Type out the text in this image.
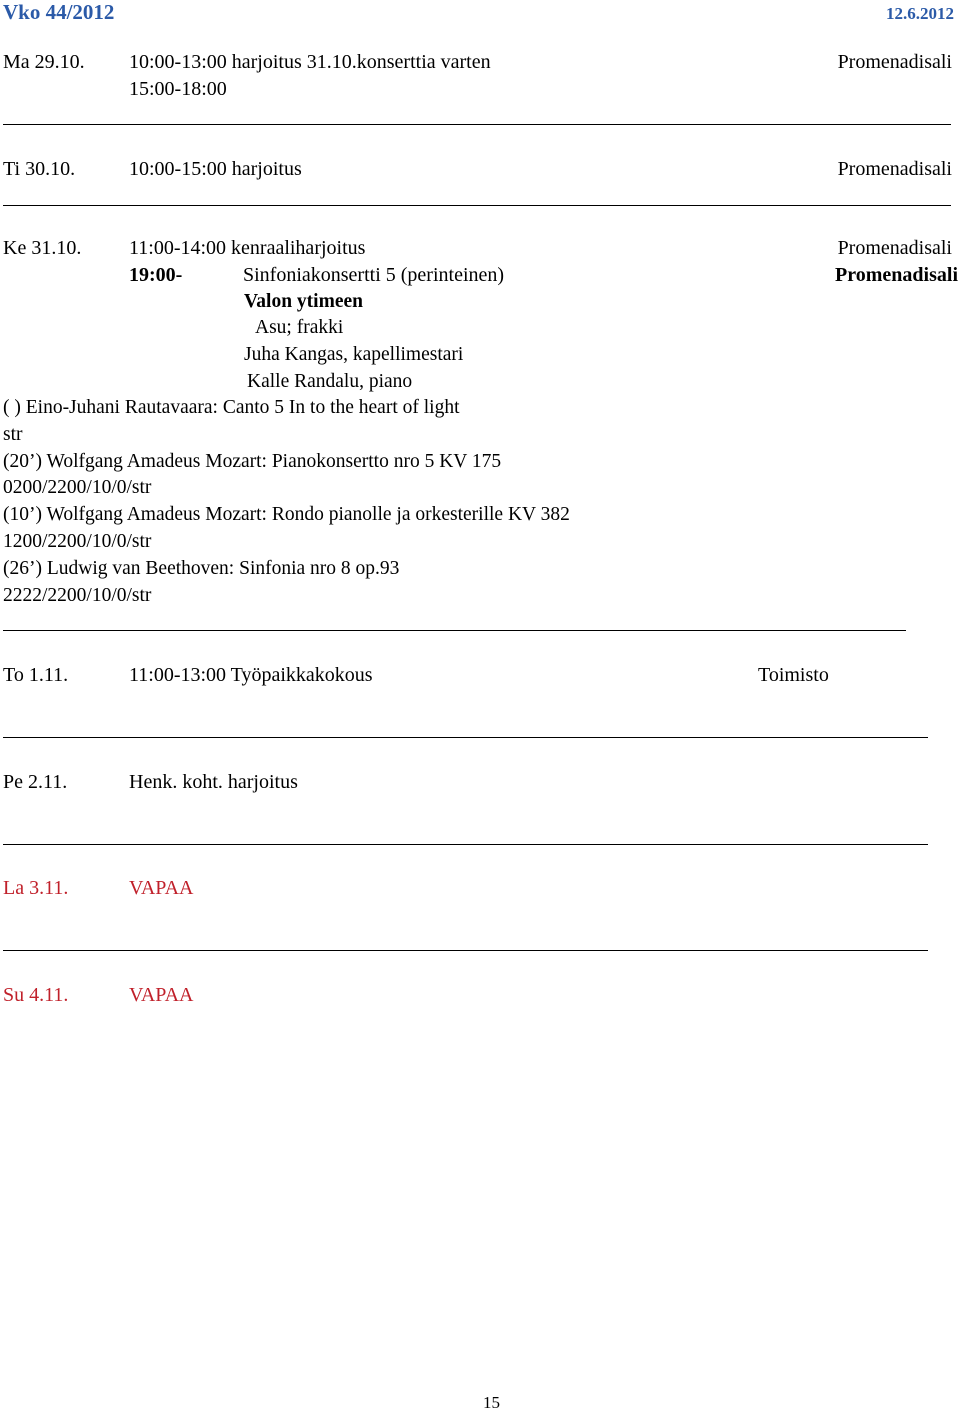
Vko 44/2012	12.6.2012
Ma 29.10. 10:00-13:00 harjoitus 31.10.konserttia varten	Promenadisali
15:00-18:00
Ti 30.10.	10:00-15:00 harjoitus	Promenadisali
Ke 31.10. 11:00-14:00 kenraaliharjoitus	Promenadisali
19:00-	Sinfoniakonsertti 5 (perinteinen)	Promenadisali
Valon ytimeen
Asu; frakki
Juha Kangas, kapellimestari
Kalle Randalu, piano
( ) Eino-Juhani Rautavaara: Canto 5 In to the heart of light
str
(20’) Wolfgang Amadeus Mozart: Pianokonsertto nro 5 KV 175
0200/2200/10/0/str
(10’) Wolfgang Amadeus Mozart: Rondo pianolle ja orkesterille KV 382
1200/2200/10/0/str
(26’) Ludwig van Beethoven: Sinfonia nro 8 op.93
2222/2200/10/0/str
To 1.11.	11:00-13:00 Työpaikkakokous	Toimisto
Pe 2.11.	Henk. koht. harjoitus
La 3.11.	VAPAA
Su 4.11.	VAPAA
15
